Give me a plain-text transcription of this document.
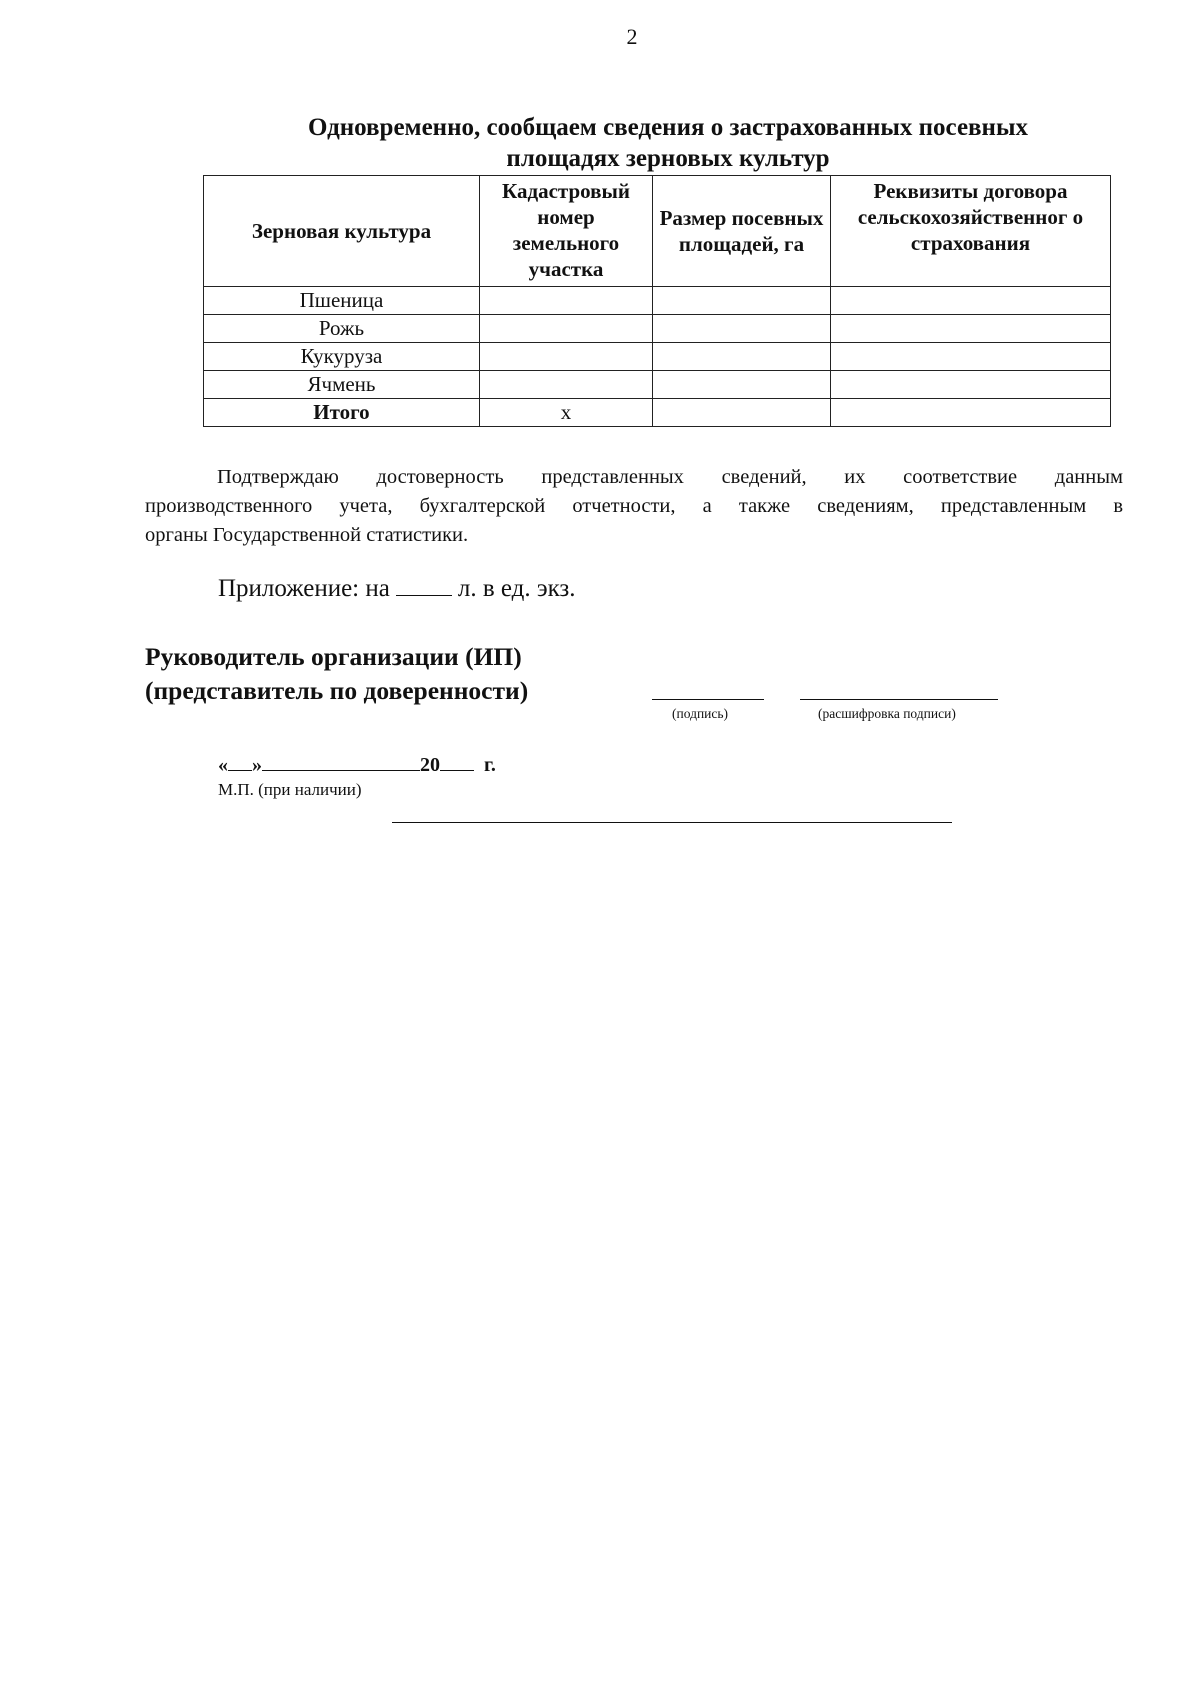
2
Одновременно, сообщаем сведения о застрахованных посевных
площадях зерновых культур
Зерновая культура	Кадастровый номер земельного участка	Размер посевных площадей, га	Реквизиты договора сельскохозяйственног о страхования
Пшеница			
Рожь			
Кукуруза			
Ячмень			
Итого	x		
Подтверждаю достоверность представленных сведений, их соответствие данным
производственного учета, бухгалтерской отчетности, а также сведениям, представленным в
органы Государственной статистики.
Приложение: на	л. в ед. экз.
Руководитель организации (ИП)
(представитель по доверенности)
(подпись)	(расшифровка подписи)
« »	20 г.
М.П. (при наличии)
